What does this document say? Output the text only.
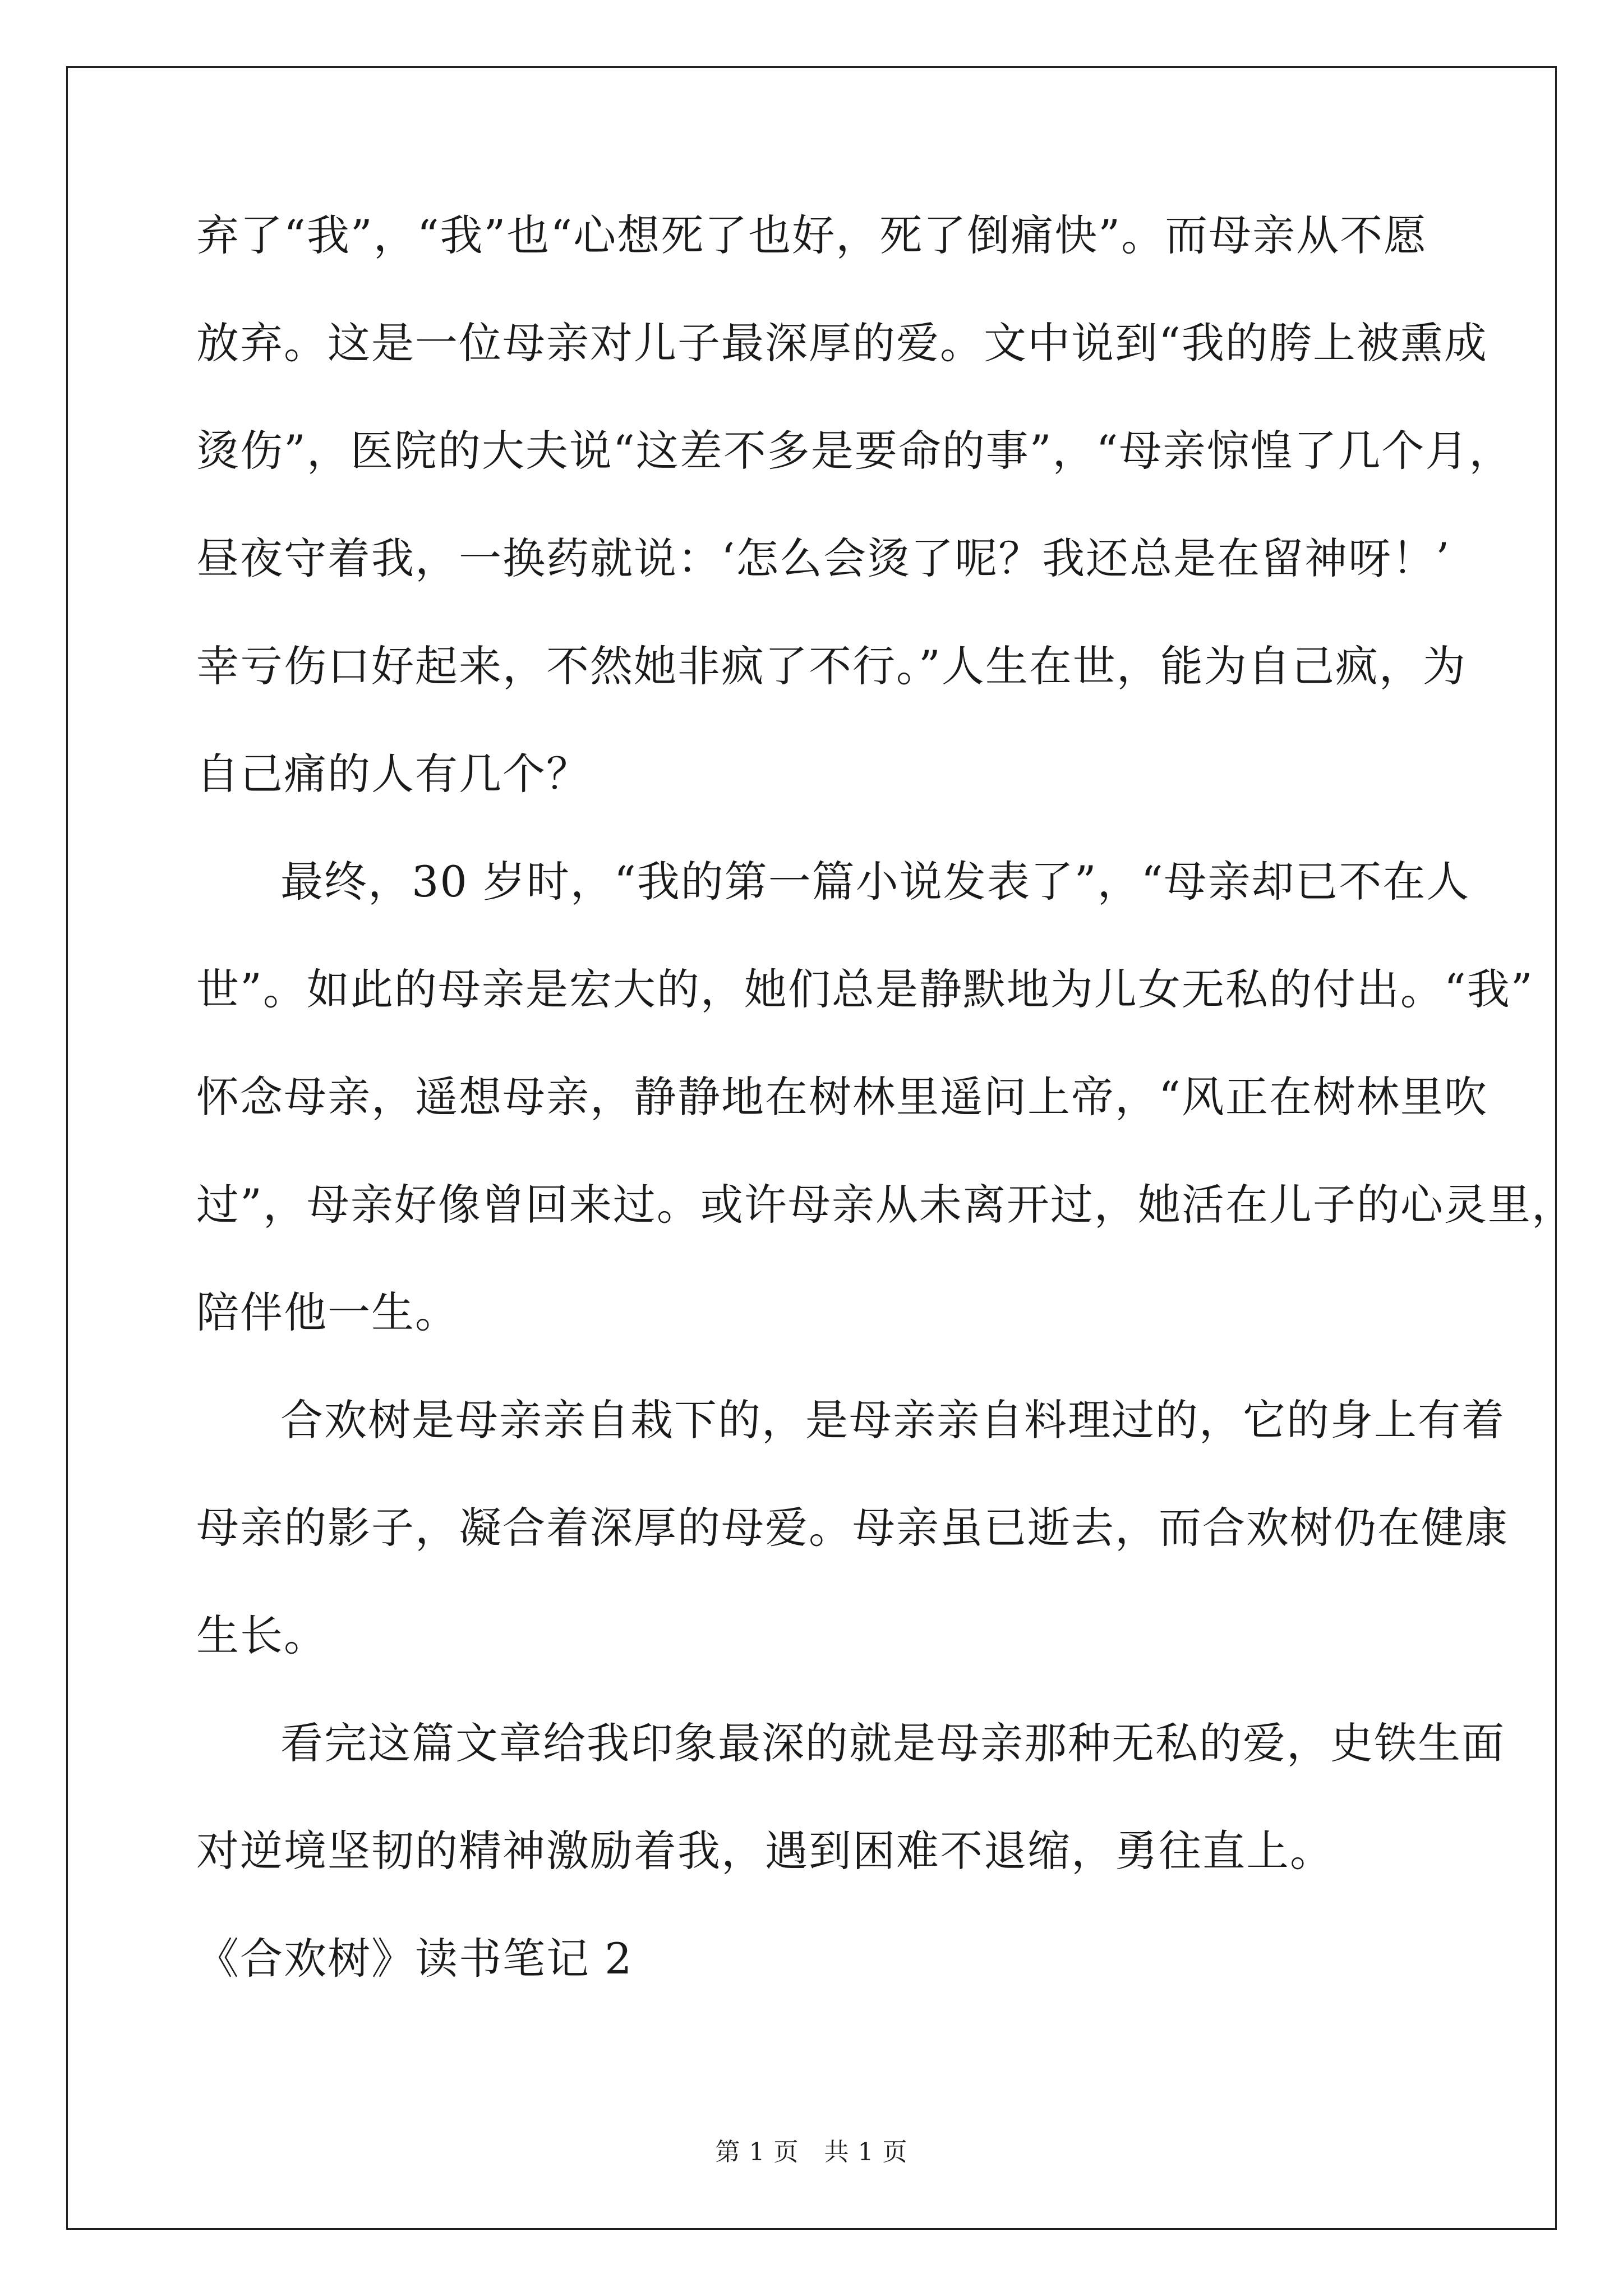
弃了“我”，“我”也“心想死了也好，死了倒痛快”。而母亲从不愿
放弃。这是一位母亲对儿子最深厚的爱。文中说到“我的胯上被熏成
烫伤”，医院的大夫说“这差不多是要命的事”，“母亲惊惶了几个月，
昼夜守着我，一换药就说：‘怎么会烫了呢？我还总是在留神呀！’
幸亏伤口好起来，不然她非疯了不行。”人生在世，能为自己疯，为
自己痛的人有几个？
最终，30 岁时，“我的第一篇小说发表了”，“母亲却已不在人
世”。如此的母亲是宏大的，她们总是静默地为儿女无私的付出。“我”
怀念母亲，遥想母亲，静静地在树林里遥问上帝，“风正在树林里吹
过”，母亲好像曾回来过。或许母亲从未离开过，她活在儿子的心灵里，
陪伴他一生。
合欢树是母亲亲自栽下的，是母亲亲自料理过的，它的身上有着
母亲的影子，凝合着深厚的母爱。母亲虽已逝去，而合欢树仍在健康
生长。
看完这篇文章给我印象最深的就是母亲那种无私的爱，史铁生面
对逆境坚韧的精神激励着我，遇到困难不退缩，勇往直上。
《合欢树》读书笔记 2
第 1 页　共 1 页
